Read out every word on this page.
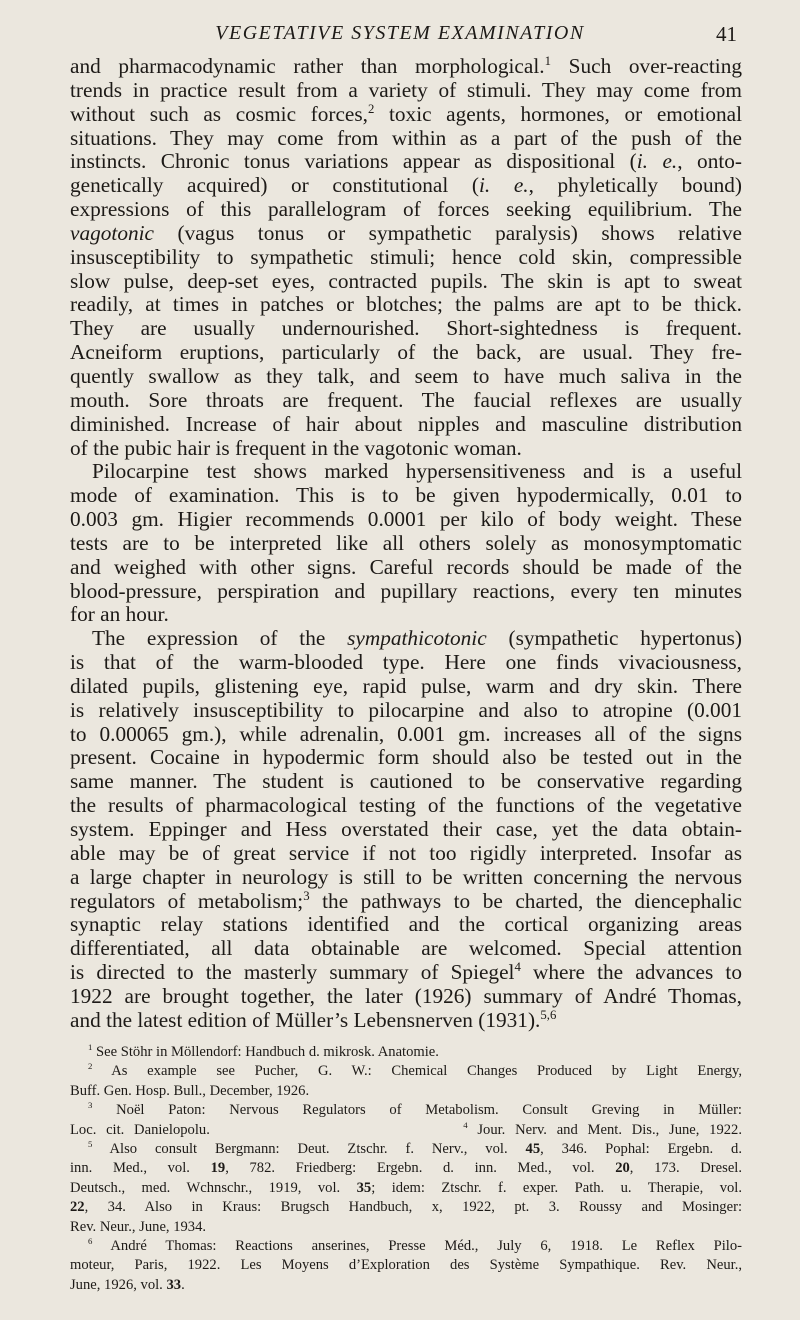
VEGETATIVE SYSTEM EXAMINATION	41
and pharmacodynamic rather than morphological.$^1$ Such over-reacting
trends in practice result from a variety of stimuli. They may come from
without such as cosmic forces,$^2$ toxic agents, hormones, or emotional
situations. They may come from within as a part of the push of the
instincts. Chronic tonus variations appear as dispositional (i. e., onto-
genetically acquired) or constitutional (i. e., phyletically bound)
expressions of this parallelogram of forces seeking equilibrium. The
vagotonic (vagus tonus or sympathetic paralysis) shows relative
insusceptibility to sympathetic stimuli; hence cold skin, compressible
slow pulse, deep-set eyes, contracted pupils. The skin is apt to sweat
readily, at times in patches or blotches; the palms are apt to be thick.
They are usually undernourished. Short-sightedness is frequent.
Acneiform eruptions, particularly of the back, are usual. They fre-
quently swallow as they talk, and seem to have much saliva in the
mouth. Sore throats are frequent. The faucial reflexes are usually
diminished. Increase of hair about nipples and masculine distribution
of the pubic hair is frequent in the vagotonic woman.
Pilocarpine test shows marked hypersensitiveness and is a useful
mode of examination. This is to be given hypodermically, 0.01 to
0.003 gm. Higier recommends 0.0001 per kilo of body weight. These
tests are to be interpreted like all others solely as monosymptomatic
and weighed with other signs. Careful records should be made of the
blood-pressure, perspiration and pupillary reactions, every ten minutes
for an hour.
The expression of the sympathicotonic (sympathetic hypertonus)
is that of the warm-blooded type. Here one finds vivaciousness,
dilated pupils, glistening eye, rapid pulse, warm and dry skin. There
is relatively insusceptibility to pilocarpine and also to atropine (0.001
to 0.00065 gm.), while adrenalin, 0.001 gm. increases all of the signs
present. Cocaine in hypodermic form should also be tested out in the
same manner. The student is cautioned to be conservative regarding
the results of pharmacological testing of the functions of the vegetative
system. Eppinger and Hess overstated their case, yet the data obtain-
able may be of great service if not too rigidly interpreted. Insofar as
a large chapter in neurology is still to be written concerning the nervous
regulators of metabolism;$^3$ the pathways to be charted, the diencephalic
synaptic relay stations identified and the cortical organizing areas
differentiated, all data obtainable are welcomed. Special attention
is directed to the masterly summary of Spiegel$^4$ where the advances to
1922 are brought together, the later (1926) summary of André Thomas,
and the latest edition of Müller’s Lebensnerven (1931).$^{5,6}$
$^1$ See Stöhr in Möllendorf: Handbuch d. mikrosk. Anatomie.
$^2$ As example see Pucher, G. W.: Chemical Changes Produced by Light Energy,
Buff. Gen. Hosp. Bull., December, 1926.
$^3$ Noël Paton: Nervous Regulators of Metabolism. Consult Greving in Müller:
Loc. cit. Danielopolu.	$^4$ Jour. Nerv. and Ment. Dis., June, 1922.
$^5$ Also consult Bergmann: Deut. Ztschr. f. Nerv., vol. 45, 346. Pophal: Ergebn. d.
inn. Med., vol. 19, 782. Friedberg: Ergebn. d. inn. Med., vol. 20, 173. Dresel.
Deutsch., med. Wchnschr., 1919, vol. 35; idem: Ztschr. f. exper. Path. u. Therapie, vol.
22, 34. Also in Kraus: Brugsch Handbuch, x, 1922, pt. 3. Roussy and Mosinger:
Rev. Neur., June, 1934.
$^6$ André Thomas: Reactions anserines, Presse Méd., July 6, 1918. Le Reflex Pilo-
moteur, Paris, 1922. Les Moyens d’Exploration des Système Sympathique. Rev. Neur.,
June, 1926, vol. 33.
